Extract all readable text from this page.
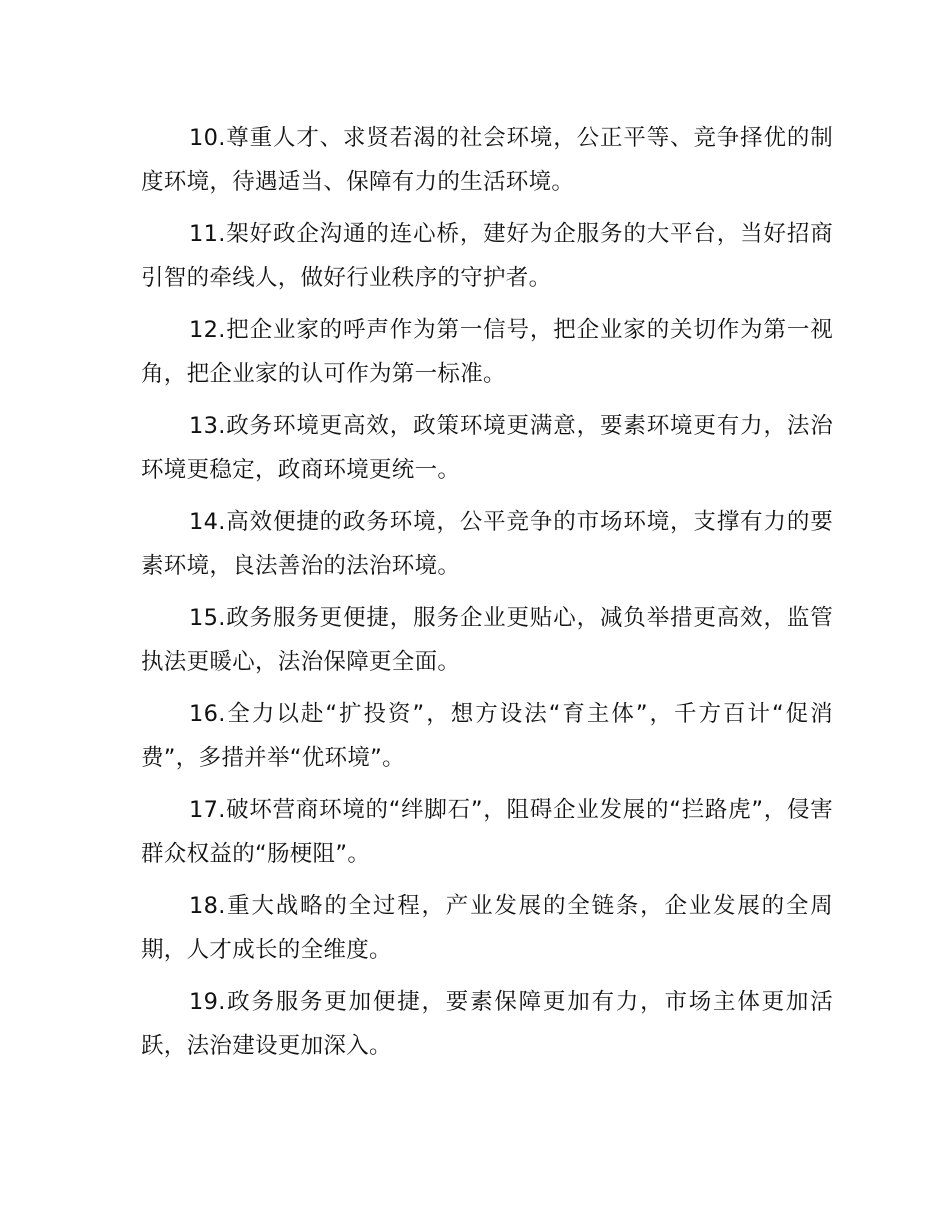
10.尊重人才、求贤若渴的社会环境，公正平等、竞争择优的制度环境，待遇适当、保障有力的生活环境。

11.架好政企沟通的连心桥，建好为企服务的大平台，当好招商引智的牵线人，做好行业秩序的守护者。

12.把企业家的呼声作为第一信号，把企业家的关切作为第一视角，把企业家的认可作为第一标准。

13.政务环境更高效，政策环境更满意，要素环境更有力，法治环境更稳定，政商环境更统一。

14.高效便捷的政务环境，公平竞争的市场环境，支撑有力的要素环境，良法善治的法治环境。

15.政务服务更便捷，服务企业更贴心，减负举措更高效，监管执法更暖心，法治保障更全面。

16.全力以赴“扩投资”，想方设法“育主体”，千方百计“促消费”，多措并举“优环境”。

17.破坏营商环境的“绊脚石”，阻碍企业发展的“拦路虎”，侵害群众权益的“肠梗阻”。

18.重大战略的全过程，产业发展的全链条，企业发展的全周期，人才成长的全维度。

19.政务服务更加便捷，要素保障更加有力，市场主体更加活跃，法治建设更加深入。
